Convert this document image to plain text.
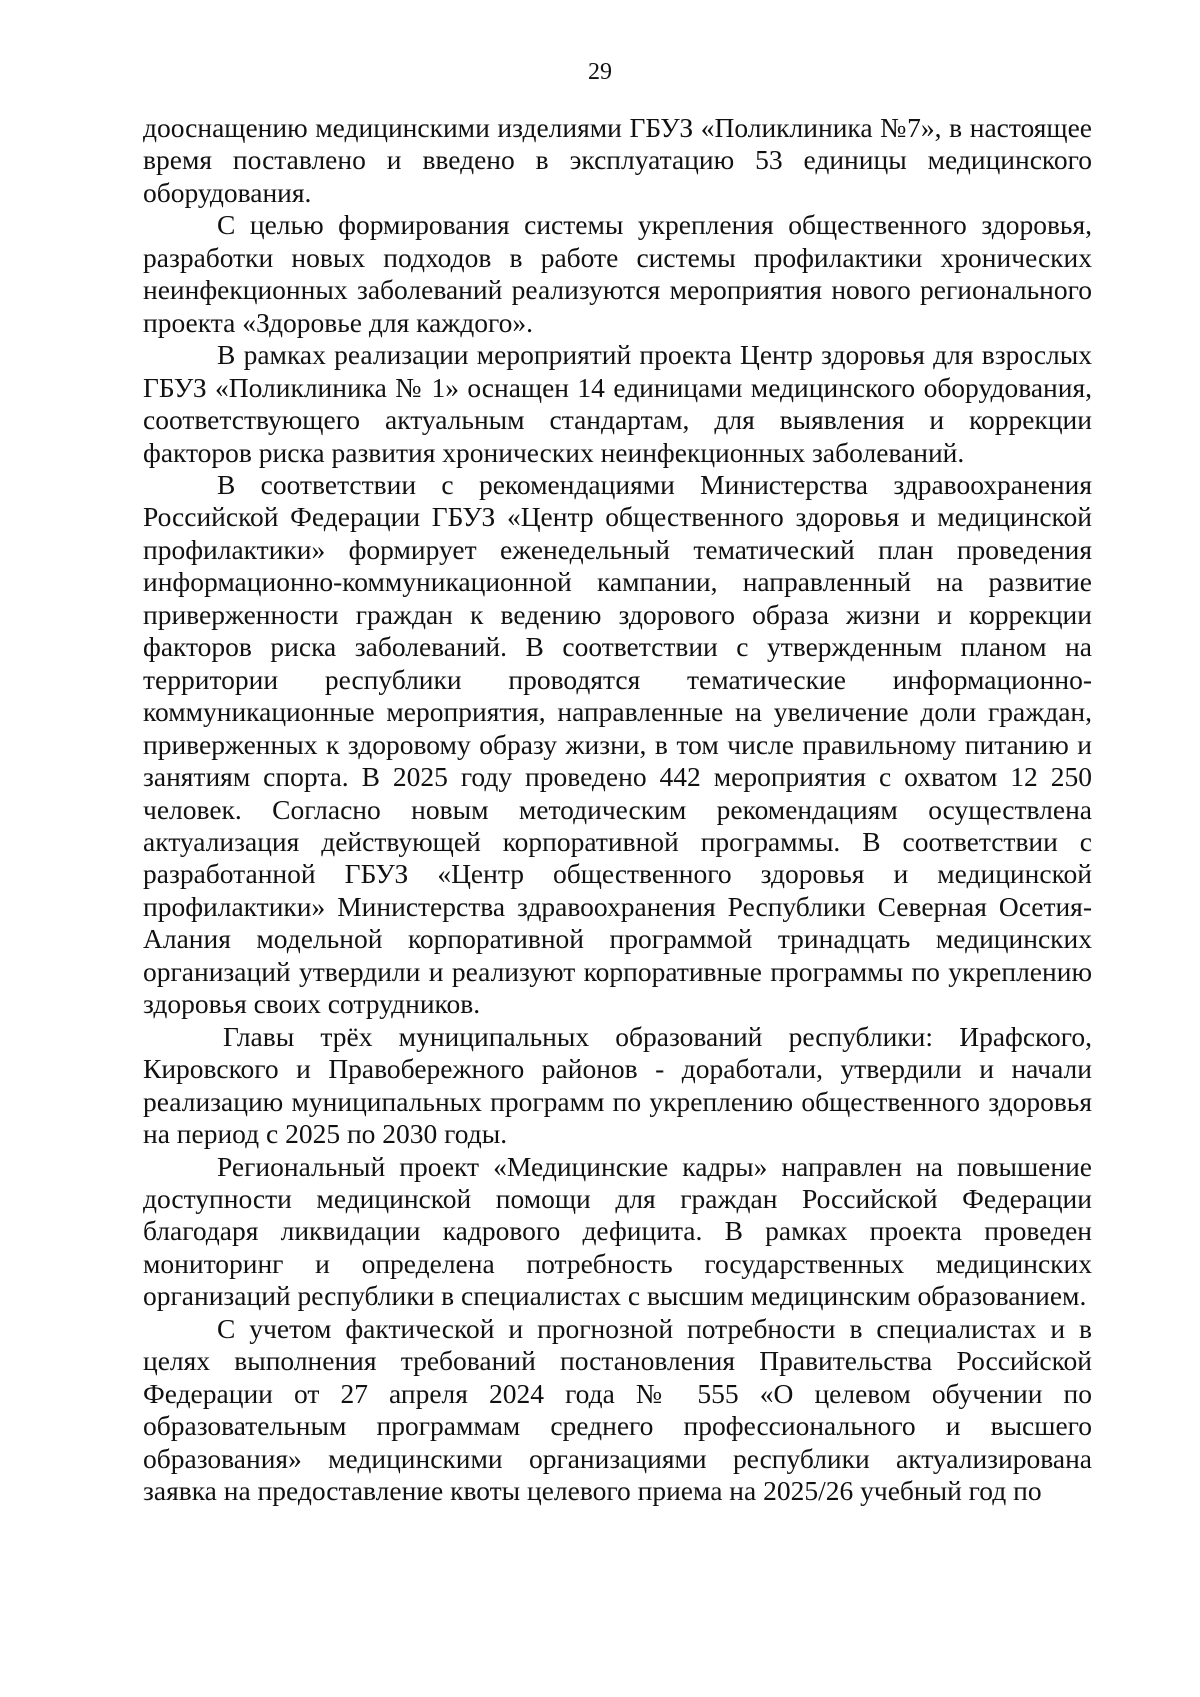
29

дооснащению медицинскими изделиями ГБУЗ «Поликлиника №7», в настоящее время поставлено и введено в эксплуатацию 53 единицы медицинского оборудования.

С целью формирования системы укрепления общественного здоровья, разработки новых подходов в работе системы профилактики хронических неинфекционных заболеваний реализуются мероприятия нового регионального проекта «Здоровье для каждого».

В рамках реализации мероприятий проекта Центр здоровья для взрослых ГБУЗ «Поликлиника № 1» оснащен 14 единицами медицинского оборудования, соответствующего актуальным стандартам, для выявления и коррекции факторов риска развития хронических неинфекционных заболеваний.

В соответствии с рекомендациями Министерства здравоохранения Российской Федерации ГБУЗ «Центр общественного здоровья и медицинской профилактики» формирует еженедельный тематический план проведения информационно-коммуникационной кампании, направленный на развитие приверженности граждан к ведению здорового образа жизни и коррекции факторов риска заболеваний. В соответствии с утвержденным планом на территории республики проводятся тематические информационно-коммуникационные мероприятия, направленные на увеличение доли граждан, приверженных к здоровому образу жизни, в том числе правильному питанию и занятиям спорта. В 2025 году проведено 442 мероприятия с охватом 12 250 человек. Согласно новым методическим рекомендациям осуществлена актуализация действующей корпоративной программы. В соответствии с разработанной ГБУЗ «Центр общественного здоровья и медицинской профилактики» Министерства здравоохранения Республики Северная Осетия-Алания модельной корпоративной программой тринадцать медицинских организаций утвердили и реализуют корпоративные программы по укреплению здоровья своих сотрудников.

Главы трёх муниципальных образований республики: Ирафского, Кировского и Правобережного районов - доработали, утвердили и начали реализацию муниципальных программ по укреплению общественного здоровья на период с 2025 по 2030 годы.

Региональный проект «Медицинские кадры» направлен на повышение доступности медицинской помощи для граждан Российской Федерации благодаря ликвидации кадрового дефицита. В рамках проекта проведен мониторинг и определена потребность государственных медицинских организаций республики в специалистах с высшим медицинским образованием.

С учетом фактической и прогнозной потребности в специалистах и в целях выполнения требований постановления Правительства Российской Федерации от 27 апреля 2024 года № 555 «О целевом обучении по образовательным программам среднего профессионального и высшего образования» медицинскими организациями республики актуализирована заявка на предоставление квоты целевого приема на 2025/26 учебный год по
